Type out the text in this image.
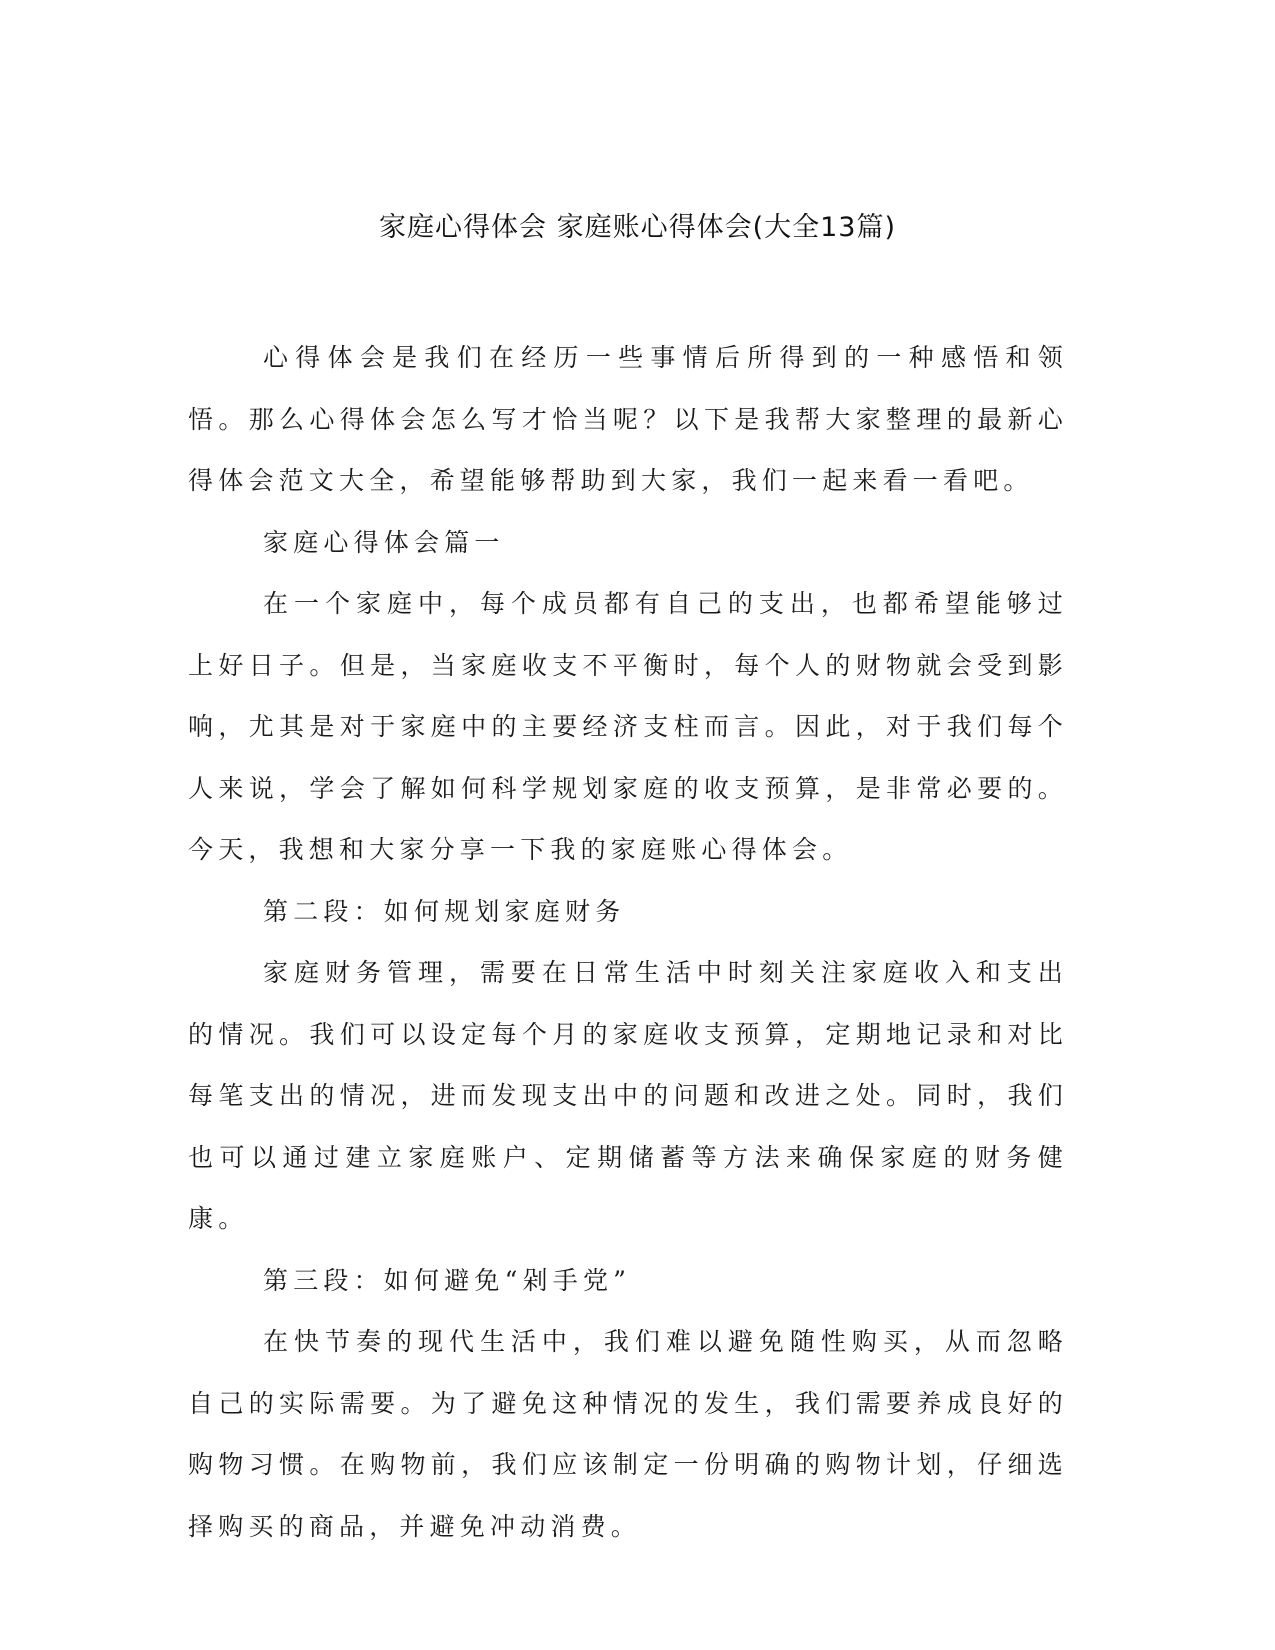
家庭心得体会 家庭账心得体会(大全13篇)

心得体会是我们在经历一些事情后所得到的一种感悟和领悟。那么心得体会怎么写才恰当呢？以下是我帮大家整理的最新心得体会范文大全，希望能够帮助到大家，我们一起来看一看吧。

家庭心得体会篇一

在一个家庭中，每个成员都有自己的支出，也都希望能够过上好日子。但是，当家庭收支不平衡时，每个人的财物就会受到影响，尤其是对于家庭中的主要经济支柱而言。因此，对于我们每个人来说，学会了解如何科学规划家庭的收支预算，是非常必要的。今天，我想和大家分享一下我的家庭账心得体会。

第二段：如何规划家庭财务

家庭财务管理，需要在日常生活中时刻关注家庭收入和支出的情况。我们可以设定每个月的家庭收支预算，定期地记录和对比每笔支出的情况，进而发现支出中的问题和改进之处。同时，我们也可以通过建立家庭账户、定期储蓄等方法来确保家庭的财务健康。

第三段：如何避免“剁手党”

在快节奏的现代生活中，我们难以避免随性购买，从而忽略自己的实际需要。为了避免这种情况的发生，我们需要养成良好的购物习惯。在购物前，我们应该制定一份明确的购物计划，仔细选择购买的商品，并避免冲动消费。
